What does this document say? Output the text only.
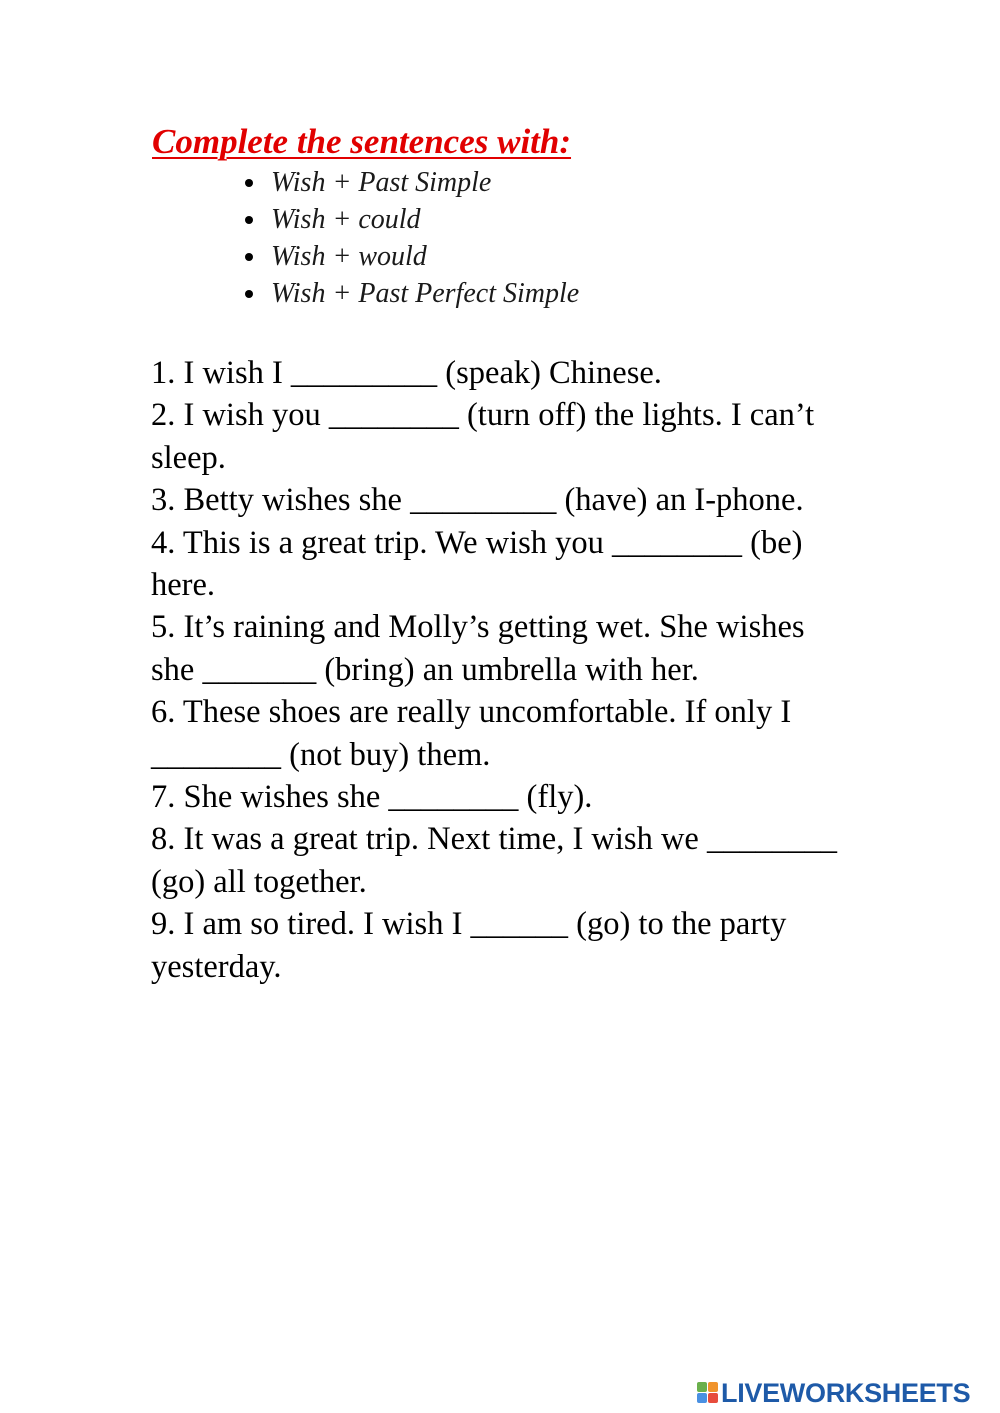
Complete the sentences with:
Wish + Past Simple
Wish + could
Wish + would
Wish + Past Perfect Simple
1. I wish I _________ (speak) Chinese.
2. I wish you ________ (turn off) the lights. I can’t sleep.
3. Betty wishes she _________ (have) an I-phone.
4. This is a great trip. We wish you ________ (be) here.
5. It’s raining and Molly’s getting wet. She wishes she _______ (bring) an umbrella with her.
6. These shoes are really uncomfortable. If only I ________ (not buy) them.
7. She wishes she ________ (fly).
8. It was a great trip. Next time, I wish we ________ (go) all together.
9. I am so tired. I wish I ______ (go) to the party yesterday.
LIVEWORKSHEETS
